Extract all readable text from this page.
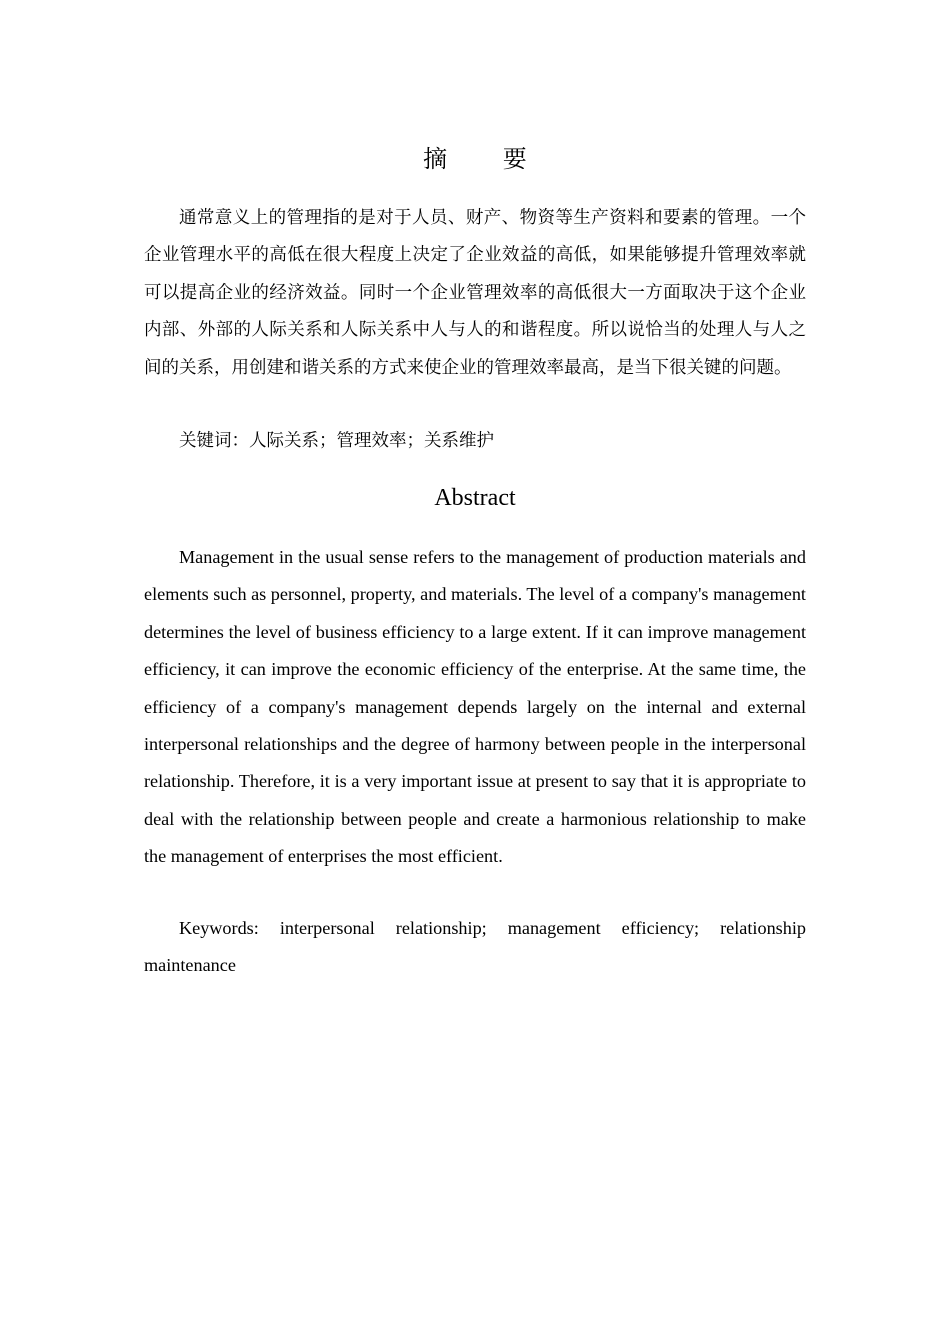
摘 要
通常意义上的管理指的是对于人员、财产、物资等生产资料和要素的管理。一个企业管理水平的高低在很大程度上决定了企业效益的高低，如果能够提升管理效率就可以提高企业的经济效益。同时一个企业管理效率的高低很大一方面取决于这个企业内部、外部的人际关系和人际关系中人与人的和谐程度。所以说恰当的处理人与人之间的关系，用创建和谐关系的方式来使企业的管理效率最高，是当下很关键的问题。
关键词：人际关系；管理效率；关系维护
Abstract
Management in the usual sense refers to the management of production materials and elements such as personnel, property, and materials. The level of a company's management determines the level of business efficiency to a large extent. If it can improve management efficiency, it can improve the economic efficiency of the enterprise. At the same time, the efficiency of a company's management depends largely on the internal and external interpersonal relationships and the degree of harmony between people in the interpersonal relationship. Therefore, it is a very important issue at present to say that it is appropriate to deal with the relationship between people and create a harmonious relationship to make the management of enterprises the most efficient.
Keywords: interpersonal relationship; management efficiency; relationship maintenance
